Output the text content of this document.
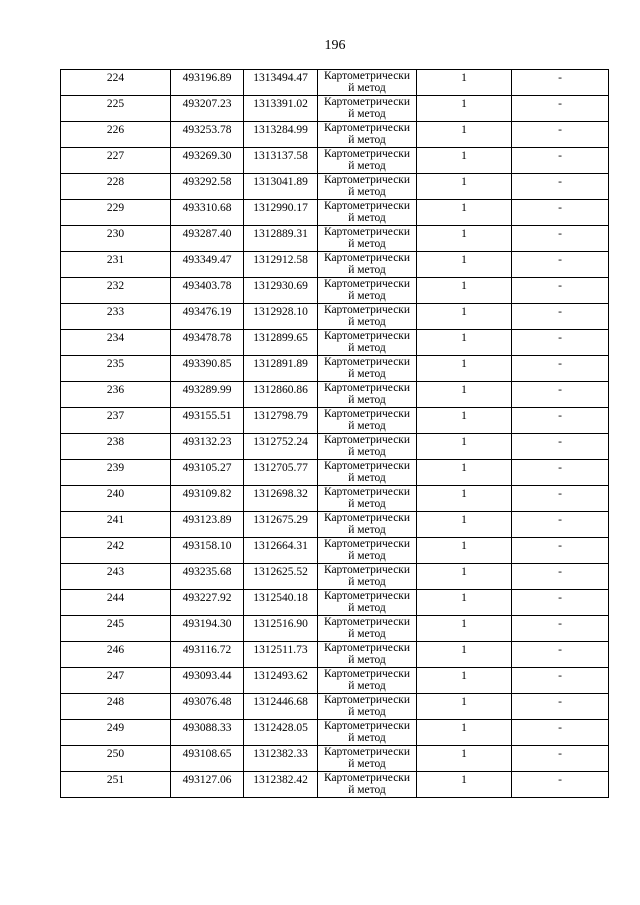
196
224	493196.89	1313494.47	Картометрически
й метод	1	-
225	493207.23	1313391.02	Картометрически
й метод	1	-
226	493253.78	1313284.99	Картометрически
й метод	1	-
227	493269.30	1313137.58	Картометрически
й метод	1	-
228	493292.58	1313041.89	Картометрически
й метод	1	-
229	493310.68	1312990.17	Картометрически
й метод	1	-
230	493287.40	1312889.31	Картометрически
й метод	1	-
231	493349.47	1312912.58	Картометрически
й метод	1	-
232	493403.78	1312930.69	Картометрически
й метод	1	-
233	493476.19	1312928.10	Картометрически
й метод	1	-
234	493478.78	1312899.65	Картометрически
й метод	1	-
235	493390.85	1312891.89	Картометрически
й метод	1	-
236	493289.99	1312860.86	Картометрически
й метод	1	-
237	493155.51	1312798.79	Картометрически
й метод	1	-
238	493132.23	1312752.24	Картометрически
й метод	1	-
239	493105.27	1312705.77	Картометрически
й метод	1	-
240	493109.82	1312698.32	Картометрически
й метод	1	-
241	493123.89	1312675.29	Картометрически
й метод	1	-
242	493158.10	1312664.31	Картометрически
й метод	1	-
243	493235.68	1312625.52	Картометрически
й метод	1	-
244	493227.92	1312540.18	Картометрически
й метод	1	-
245	493194.30	1312516.90	Картометрически
й метод	1	-
246	493116.72	1312511.73	Картометрически
й метод	1	-
247	493093.44	1312493.62	Картометрически
й метод	1	-
248	493076.48	1312446.68	Картометрически
й метод	1	-
249	493088.33	1312428.05	Картометрически
й метод	1	-
250	493108.65	1312382.33	Картометрически
й метод	1	-
251	493127.06	1312382.42	Картометрически
й метод	1	-
